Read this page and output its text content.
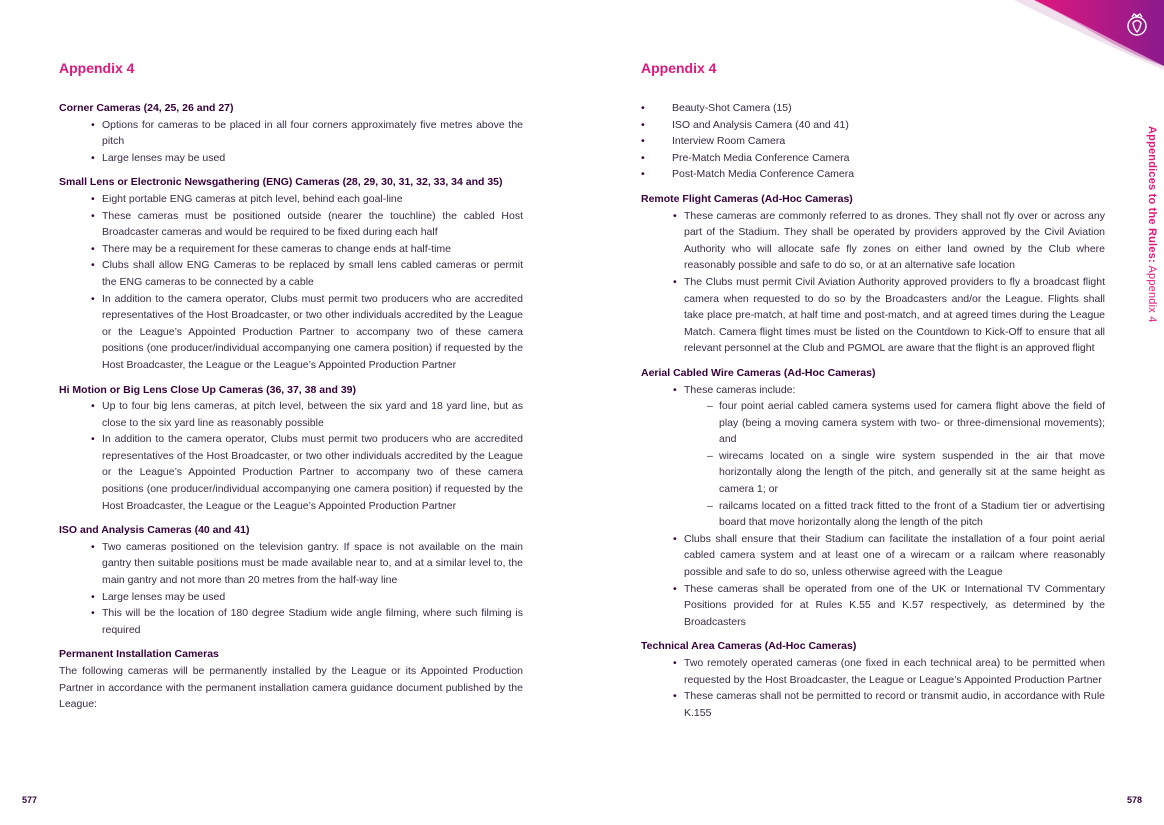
Appendix 4
Corner Cameras (24, 25, 26 and 27)
• Options for cameras to be placed in all four corners approximately five metres above the pitch
• Large lenses may be used
Small Lens or Electronic Newsgathering (ENG) Cameras (28, 29, 30, 31, 32, 33, 34 and 35)
• Eight portable ENG cameras at pitch level, behind each goal-line
• These cameras must be positioned outside (nearer the touchline) the cabled Host Broadcaster cameras and would be required to be fixed during each half
• There may be a requirement for these cameras to change ends at half-time
• Clubs shall allow ENG Cameras to be replaced by small lens cabled cameras or permit the ENG cameras to be connected by a cable
• In addition to the camera operator, Clubs must permit two producers who are accredited representatives of the Host Broadcaster, or two other individuals accredited by the League or the League’s Appointed Production Partner to accompany two of these camera positions (one producer/individual accompanying one camera position) if requested by the Host Broadcaster, the League or the League’s Appointed Production Partner
Hi Motion or Big Lens Close Up Cameras (36, 37, 38 and 39)
• Up to four big lens cameras, at pitch level, between the six yard and 18 yard line, but as close to the six yard line as reasonably possible
• In addition to the camera operator, Clubs must permit two producers who are accredited representatives of the Host Broadcaster, or two other individuals accredited by the League or the League’s Appointed Production Partner to accompany two of these camera positions (one producer/individual accompanying one camera position) if requested by the Host Broadcaster, the League or the League’s Appointed Production Partner
ISO and Analysis Cameras (40 and 41)
• Two cameras positioned on the television gantry. If space is not available on the main gantry then suitable positions must be made available near to, and at a similar level to, the main gantry and not more than 20 metres from the half-way line
• Large lenses may be used
• This will be the location of 180 degree Stadium wide angle filming, where such filming is required
Permanent Installation Cameras

The following cameras will be permanently installed by the League or its Appointed Production Partner in accordance with the permanent installation camera guidance document published by the League:

577
Appendix 4
• Beauty-Shot Camera (15)
• ISO and Analysis Camera (40 and 41)
• Interview Room Camera
• Pre-Match Media Conference Camera
• Post-Match Media Conference Camera
Remote Flight Cameras (Ad-Hoc Cameras)
• These cameras are commonly referred to as drones. They shall not fly over or across any part of the Stadium. They shall be operated by providers approved by the Civil Aviation Authority who will allocate safe fly zones on either land owned by the Club where reasonably possible and safe to do so, or at an alternative safe location
• The Clubs must permit Civil Aviation Authority approved providers to fly a broadcast flight camera when requested to do so by the Broadcasters and/or the League. Flights shall take place pre-match, at half time and post-match, and at agreed times during the League Match. Camera flight times must be listed on the Countdown to Kick-Off to ensure that all relevant personnel at the Club and PGMOL are aware that the flight is an approved flight
Aerial Cabled Wire Cameras (Ad-Hoc Cameras)
• These cameras include:
– four point aerial cabled camera systems used for camera flight above the field of play (being a moving camera system with two- or three-dimensional movements); and
– wirecams located on a single wire system suspended in the air that move horizontally along the length of the pitch, and generally sit at the same height as camera 1; or
– railcams located on a fitted track fitted to the front of a Stadium tier or advertising board that move horizontally along the length of the pitch
• Clubs shall ensure that their Stadium can facilitate the installation of a four point aerial cabled camera system and at least one of a wirecam or a railcam where reasonably possible and safe to do so, unless otherwise agreed with the League
• These cameras shall be operated from one of the UK or International TV Commentary Positions provided for at Rules K.55 and K.57 respectively, as determined by the Broadcasters
Technical Area Cameras (Ad-Hoc Cameras)
• Two remotely operated cameras (one fixed in each technical area) to be permitted when requested by the Host Broadcaster, the League or League’s Appointed Production Partner
• These cameras shall not be permitted to record or transmit audio, in accordance with Rule K.155
Appendices to the Rules: Appendix 4
578
